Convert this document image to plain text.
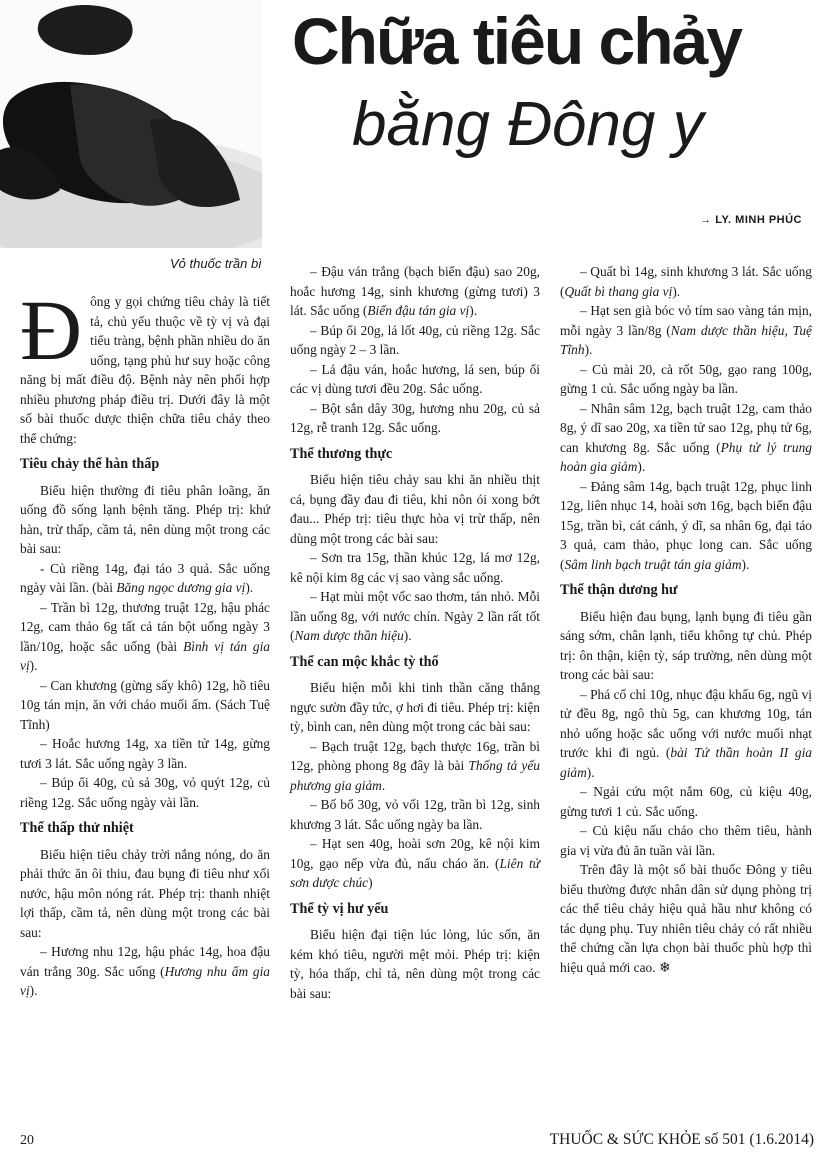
Vỏ thuốc trần bì
Chữa tiêu chảy
bằng Đông y
→ LY. MINH PHÚC

Đông y gọi chứng tiêu chảy là tiết tả, chủ yếu thuộc về tỳ vị và đại tiểu tràng, bệnh phần nhiều do ăn uống, tạng phủ hư suy hoặc công năng bị mất điều độ. Bệnh này nên phối hợp nhiều phương pháp điều trị. Dưới đây là một số bài thuốc dược thiện chữa tiêu chảy theo thể chứng:

Tiêu chảy thể hàn thấp

Biểu hiện thường đi tiêu phân loãng, ăn uống đồ sống lạnh bệnh tăng. Phép trị: khứ hàn, trừ thấp, cầm tả, nên dùng một trong các bài sau:

- Củ riềng 14g, đại táo 3 quả. Sắc uống ngày vài lần. (bài Băng ngọc dương gia vị).

– Trần bì 12g, thương truật 12g, hậu phác 12g, cam thảo 6g tất cả tán bột uống ngày 3 lần/10g, hoặc sắc uống (bài Bình vị tán gia vị).

– Can khương (gừng sấy khô) 12g, hồ tiêu 10g tán mịn, ăn với cháo muối ấm. (Sách Tuệ Tĩnh)

– Hoắc hương 14g, xa tiền tử 14g, gừng tươi 3 lát. Sắc uống ngày 3 lần.

– Búp ổi 40g, củ sả 30g, vỏ quýt 12g, củ riềng 12g. Sắc uống ngày vài lần.

Thể thấp thử nhiệt

Biểu hiện tiêu chảy trời nắng nóng, do ăn phải thức ăn ôi thiu, đau bụng đi tiêu như xối nước, hậu môn nóng rát. Phép trị: thanh nhiệt lợi thấp, cầm tả, nên dùng một trong các bài sau:

– Hương nhu 12g, hậu phác 14g, hoa đậu ván trắng 30g. Sắc uống (Hương nhu ẩm gia vị).

– Đậu ván trắng (bạch biển đậu) sao 20g, hoắc hương 14g, sinh khương (gừng tươi) 3 lát. Sắc uống (Biển đậu tán gia vị).

– Búp ổi 20g, lá lốt 40g, củ riềng 12g. Sắc uống ngày 2 – 3 lần.

– Lá đậu ván, hoắc hương, lá sen, búp ổi các vị dùng tươi đều 20g. Sắc uống.

– Bột sắn dây 30g, hương nhu 20g, củ sả 12g, rễ tranh 12g. Sắc uống.

Thể thương thực

Biểu hiện tiêu chảy sau khi ăn nhiều thịt cá, bụng đầy đau đi tiêu, khi nôn ói xong bớt đau... Phép trị: tiêu thực hòa vị trừ thấp, nên dùng một trong các bài sau:

– Sơn tra 15g, thần khúc 12g, lá mơ 12g, kê nội kim 8g các vị sao vàng sắc uống.

– Hạt mùi một vốc sao thơm, tán nhỏ. Mỗi lần uống 8g, với nước chín. Ngày 2 lần rất tốt (Nam dược thần hiệu).

Thể can mộc khắc tỳ thổ

Biểu hiện mỗi khi tinh thần căng thẳng ngực sườn đầy tức, ợ hơi đi tiêu. Phép trị: kiện tỳ, bình can, nên dùng một trong các bài sau:

– Bạch truật 12g, bạch thược 16g, trần bì 12g, phòng phong 8g đây là bài Thống tả yếu phương gia giảm.

– Bố bổ 30g, vỏ vối 12g, trần bì 12g, sinh khương 3 lát. Sắc uống ngày ba lần.

– Hạt sen 40g, hoài sơn 20g, kê nội kim 10g, gạo nếp vừa đủ, nấu cháo ăn. (Liên tử sơn dược chúc)

Thể tỳ vị hư yếu

Biểu hiện đại tiện lúc lỏng, lúc sốn, ăn kém khó tiêu, người mệt mỏi. Phép trị: kiện tỳ, hóa thấp, chỉ tả, nên dùng một trong các bài sau:

– Quất bì 14g, sinh khương 3 lát. Sắc uống (Quất bì thang gia vị).

– Hạt sen già bóc vỏ tím sao vàng tán mịn, mỗi ngày 3 lần/8g (Nam dược thần hiệu, Tuệ Tĩnh).

– Củ mài 20, cà rốt 50g, gạo rang 100g, gừng 1 củ. Sắc uống ngày ba lần.

– Nhân sâm 12g, bạch truật 12g, cam thảo 8g, ý dĩ sao 20g, xa tiền tử sao 12g, phụ tử 6g, can khương 8g. Sắc uống (Phụ tử lý trung hoàn gia giảm).

– Đảng sâm 14g, bạch truật 12g, phục linh 12g, liên nhục 14, hoài sơn 16g, bạch biển đậu 15g, trần bì, cát cánh, ý dĩ, sa nhân 6g, đại táo 3 quả, cam thảo, phục long can. Sắc uống (Sâm linh bạch truật tán gia giảm).

Thể thận dương hư

Biểu hiện đau bụng, lạnh bụng đi tiêu gần sáng sớm, chân lạnh, tiểu không tự chủ. Phép trị: ôn thận, kiện tỳ, sáp trường, nên dùng một trong các bài sau:

– Phá cố chỉ 10g, nhục đậu khấu 6g, ngũ vị tử đều 8g, ngô thù 5g, can khương 10g, tán nhỏ uống hoặc sắc uống với nước muối nhạt trước khi đi ngủ. (bài Tứ thần hoàn II gia giảm).

– Ngải cứu một nắm 60g, củ kiệu 40g, gừng tươi 1 củ. Sắc uống.

– Củ kiệu nấu cháo cho thêm tiêu, hành gia vị vừa đủ ăn tuần vài lần.

Trên đây là một số bài thuốc Đông y tiêu biểu thường được nhân dân sử dụng phòng trị các thể tiêu chảy hiệu quả hầu như không có tác dụng phụ. Tuy nhiên tiêu chảy có rất nhiều thể chứng cần lựa chọn bài thuốc phù hợp thì hiệu quả mới cao. ❄

20	THUỐC & SỨC KHỎE số 501 (1.6.2014)
